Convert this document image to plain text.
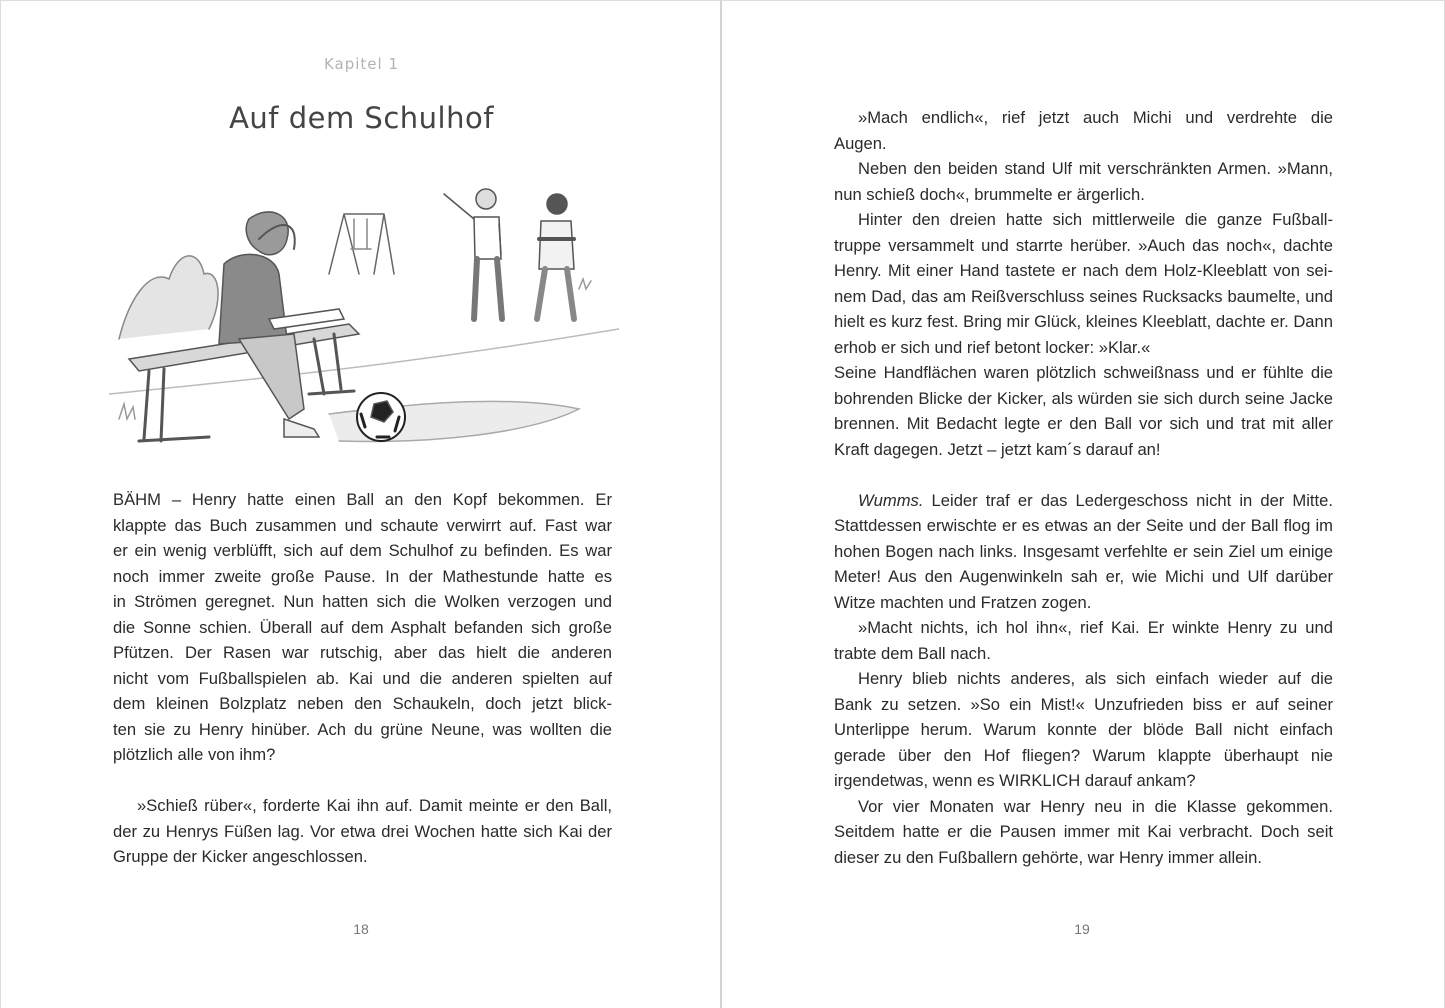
Kapitel 1
Auf dem Schulhof
BÄHM – Henry hatte einen Ball an den Kopf bekommen. Er
klappte das Buch zusammen und schaute verwirrt auf. Fast war
er ein wenig verblüfft, sich auf dem Schulhof zu befinden. Es war
noch immer zweite große Pause. In der Mathestunde hatte es
in Strömen geregnet. Nun hatten sich die Wolken verzogen und
die Sonne schien. Überall auf dem Asphalt befanden sich große
Pfützen. Der Rasen war rutschig, aber das hielt die anderen
nicht vom Fußballspielen ab. Kai und die anderen spielten auf
dem kleinen Bolzplatz neben den Schaukeln, doch jetzt blick-
ten sie zu Henry hinüber. Ach du grüne Neune, was wollten die
plötzlich alle von ihm?
»Schieß rüber«, forderte Kai ihn auf. Damit meinte er den Ball,
der zu Henrys Füßen lag. Vor etwa drei Wochen hatte sich Kai der
Gruppe der Kicker angeschlossen.
18
»Mach endlich«, rief jetzt auch Michi und verdrehte die
Augen.
Neben den beiden stand Ulf mit verschränkten Armen. »Mann,
nun schieß doch«, brummelte er ärgerlich.
Hinter den dreien hatte sich mittlerweile die ganze Fußball-
truppe versammelt und starrte herüber. »Auch das noch«, dachte
Henry. Mit einer Hand tastete er nach dem Holz-Kleeblatt von sei-
nem Dad, das am Reißverschluss seines Rucksacks baumelte, und
hielt es kurz fest. Bring mir Glück, kleines Kleeblatt, dachte er. Dann
erhob er sich und rief betont locker: »Klar.«
Seine Handflächen waren plötzlich schweißnass und er fühlte die
bohrenden Blicke der Kicker, als würden sie sich durch seine Jacke
brennen. Mit Bedacht legte er den Ball vor sich und trat mit aller
Kraft dagegen. Jetzt – jetzt kam´s darauf an!
Wumms. Leider traf er das Ledergeschoss nicht in der Mitte.
Stattdessen erwischte er es etwas an der Seite und der Ball flog im
hohen Bogen nach links. Insgesamt verfehlte er sein Ziel um einige
Meter! Aus den Augenwinkeln sah er, wie Michi und Ulf darüber
Witze machten und Fratzen zogen.
»Macht nichts, ich hol ihn«, rief Kai. Er winkte Henry zu und
trabte dem Ball nach.
Henry blieb nichts anderes, als sich einfach wieder auf die
Bank zu setzen. »So ein Mist!« Unzufrieden biss er auf seiner
Unterlippe herum. Warum konnte der blöde Ball nicht einfach
gerade über den Hof fliegen? Warum klappte überhaupt nie
irgendetwas, wenn es WIRKLICH darauf ankam?
Vor vier Monaten war Henry neu in die Klasse gekommen.
Seitdem hatte er die Pausen immer mit Kai verbracht. Doch seit
dieser zu den Fußballern gehörte, war Henry immer allein.
19
